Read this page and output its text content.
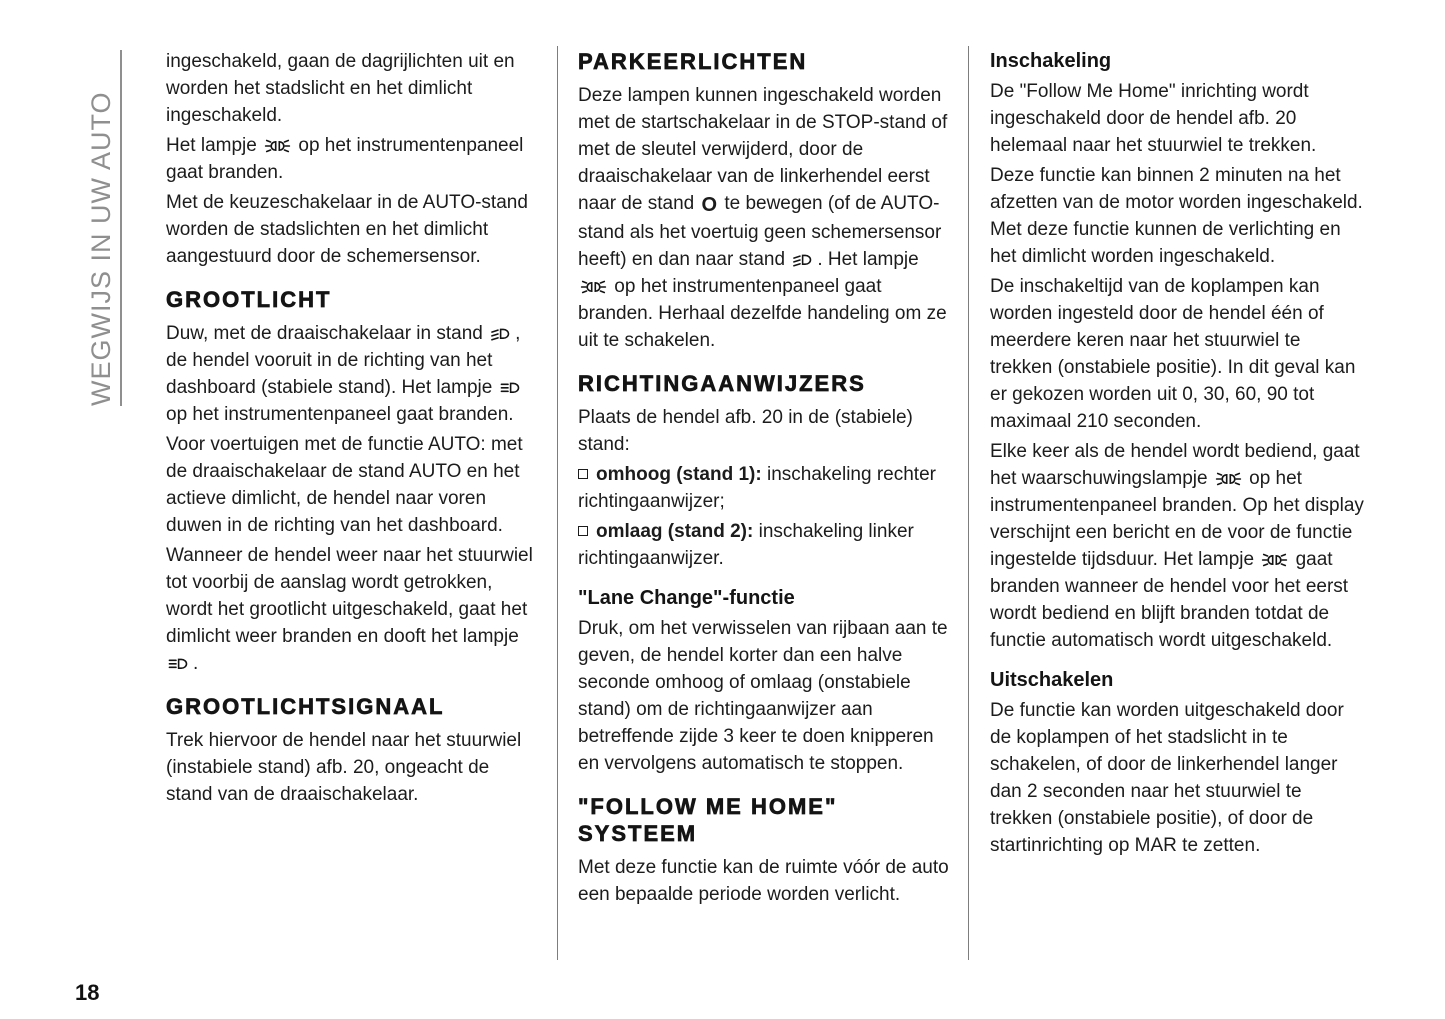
WEGWIJS IN UW AUTO

ingeschakeld, gaan de dagrijlichten uit en worden het stadslicht en het dimlicht ingeschakeld.

Het lampje
op het instrumentenpaneel gaat branden.

Met de keuzeschakelaar in de AUTO-stand worden de stadslichten en het dimlicht aangestuurd door de schemersensor.

GROOTLICHT

Duw, met de draaischakelaar in stand
, de hendel vooruit in de richting van het dashboard (stabiele stand). Het lampje
op het instrumentenpaneel gaat branden.

Voor voertuigen met de functie AUTO: met de draaischakelaar de stand AUTO en het actieve dimlicht, de hendel naar voren duwen in de richting van het dashboard.

Wanneer de hendel weer naar het stuurwiel tot voorbij de aanslag wordt getrokken, wordt het grootlicht uitgeschakeld, gaat het dimlicht weer branden en dooft het lampje
.

GROOTLICHTSIGNAAL

Trek hiervoor de hendel naar het stuurwiel (instabiele stand) afb. 20, ongeacht de stand van de draaischakelaar.

PARKEERLICHTEN

Deze lampen kunnen ingeschakeld worden met de startschakelaar in de STOP-stand of met de sleutel verwijderd, door de draaischakelaar van de linkerhendel eerst naar de stand O te bewegen (of de AUTO-stand als het voertuig geen schemersensor heeft) en dan naar stand
. Het lampje
op het instrumentenpaneel gaat branden. Herhaal dezelfde handeling om ze uit te schakelen.

RICHTINGAANWIJZERS

Plaats de hendel afb. 20 in de (stabiele) stand:

omhoog (stand 1): inschakeling rechter richtingaanwijzer;

omlaag (stand 2): inschakeling linker richtingaanwijzer.

"Lane Change"-functie

Druk, om het verwisselen van rijbaan aan te geven, de hendel korter dan een halve seconde omhoog of omlaag (onstabiele stand) om de richtingaanwijzer aan betreffende zijde 3 keer te doen knipperen en vervolgens automatisch te stoppen.

"FOLLOW ME HOME" SYSTEEM

Met deze functie kan de ruimte vóór de auto een bepaalde periode worden verlicht.

Inschakeling

De "Follow Me Home" inrichting wordt ingeschakeld door de hendel afb. 20 helemaal naar het stuurwiel te trekken.

Deze functie kan binnen 2 minuten na het afzetten van de motor worden ingeschakeld. Met deze functie kunnen de verlichting en het dimlicht worden ingeschakeld.

De inschakeltijd van de koplampen kan worden ingesteld door de hendel één of meerdere keren naar het stuurwiel te trekken (onstabiele positie). In dit geval kan er gekozen worden uit 0, 30, 60, 90 tot maximaal 210 seconden.

Elke keer als de hendel wordt bediend, gaat het waarschuwingslampje
op het instrumentenpaneel branden. Op het display verschijnt een bericht en de voor de functie ingestelde tijdsduur. Het lampje
gaat branden wanneer de hendel voor het eerst wordt bediend en blijft branden totdat de functie automatisch wordt uitgeschakeld.

Uitschakelen

De functie kan worden uitgeschakeld door de koplampen of het stadslicht in te schakelen, of door de linkerhendel langer dan 2 seconden naar het stuurwiel te trekken (onstabiele positie), of door de startinrichting op MAR te zetten.

18
